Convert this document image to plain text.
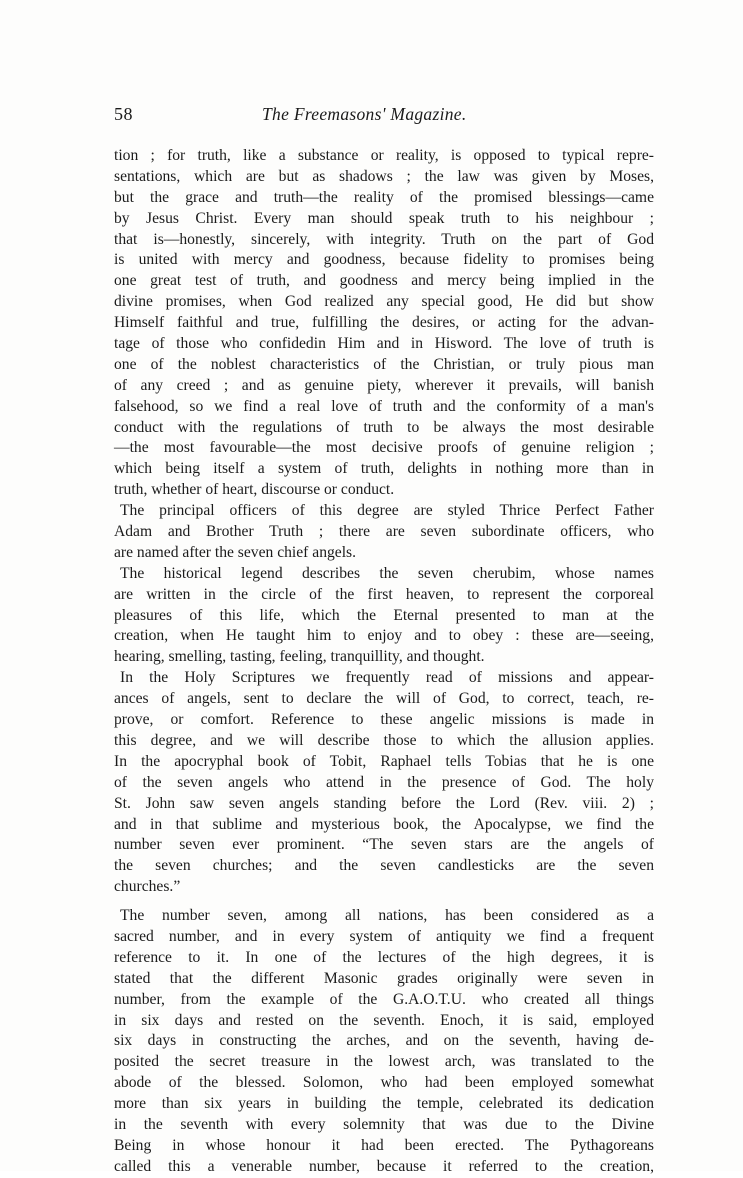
58	The Freemasons' Magazine.
tion ; for truth, like a substance or reality, is opposed to typical repre-
sentations, which are but as shadows ; the law was given by Moses,
but the grace and truth—the reality of the promised blessings—came
by Jesus Christ. Every man should speak truth to his neighbour ;
that is—honestly, sincerely, with integrity. Truth on the part of God
is united with mercy and goodness, because fidelity to promises being
one great test of truth, and goodness and mercy being implied in the
divine promises, when God realized any special good, He did but show
Himself faithful and true, fulfilling the desires, or acting for the advan-
tage of those who confidedin Him and in Hisword. The love of truth is
one of the noblest characteristics of the Christian, or truly pious man
of any creed ; and as genuine piety, wherever it prevails, will banish
falsehood, so we find a real love of truth and the conformity of a man's
conduct with the regulations of truth to be always the most desirable
—the most favourable—the most decisive proofs of genuine religion ;
which being itself a system of truth, delights in nothing more than in
truth, whether of heart, discourse or conduct.
The principal officers of this degree are styled Thrice Perfect Father
Adam and Brother Truth ; there are seven subordinate officers, who
are named after the seven chief angels.
The historical legend describes the seven cherubim, whose names
are written in the circle of the first heaven, to represent the corporeal
pleasures of this life, which the Eternal presented to man at the
creation, when He taught him to enjoy and to obey : these are—seeing,
hearing, smelling, tasting, feeling, tranquillity, and thought.
In the Holy Scriptures we frequently read of missions and appear-
ances of angels, sent to declare the will of God, to correct, teach, re-
prove, or comfort. Reference to these angelic missions is made in
this degree, and we will describe those to which the allusion applies.
In the apocryphal book of Tobit, Raphael tells Tobias that he is one
of the seven angels who attend in the presence of God. The holy
St. John saw seven angels standing before the Lord (Rev. viii. 2) ;
and in that sublime and mysterious book, the Apocalypse, we find the
number seven ever prominent. “The seven stars are the angels of
the seven churches; and the seven candlesticks are the seven
churches.”
The number seven, among all nations, has been considered as a
sacred number, and in every system of antiquity we find a frequent
reference to it. In one of the lectures of the high degrees, it is
stated that the different Masonic grades originally were seven in
number, from the example of the G.A.O.T.U. who created all things
in six days and rested on the seventh. Enoch, it is said, employed
six days in constructing the arches, and on the seventh, having de-
posited the secret treasure in the lowest arch, was translated to the
abode of the blessed. Solomon, who had been employed somewhat
more than six years in building the temple, celebrated its dedication
in the seventh with every solemnity that was due to the Divine
Being in whose honour it had been erected. The Pythagoreans
called this a venerable number, because it referred to the creation,
